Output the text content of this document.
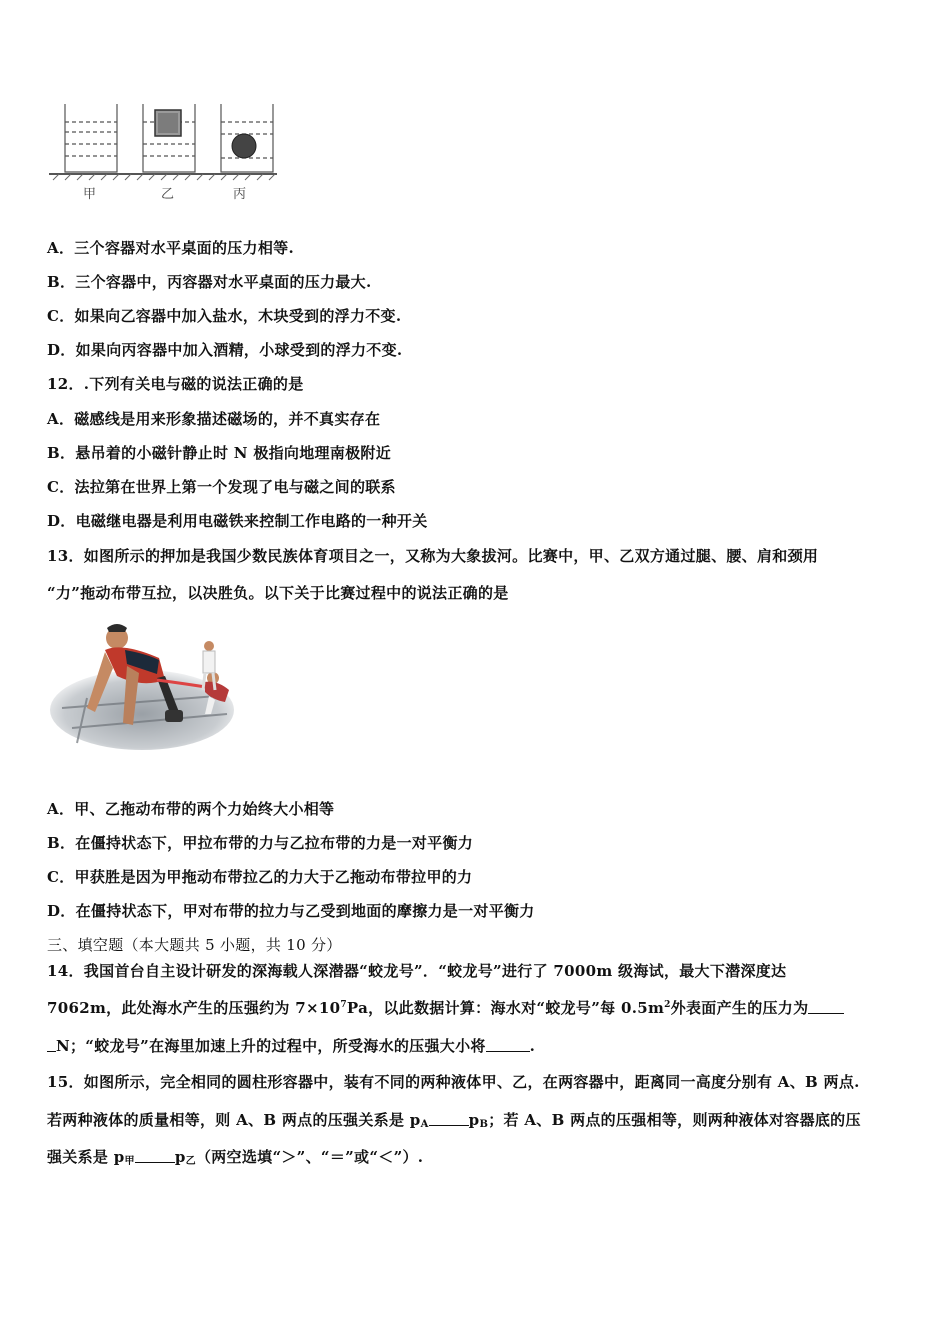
甲	乙	丙
A．三个容器对水平桌面的压力相等.
B．三个容器中，丙容器对水平桌面的压力最大.
C．如果向乙容器中加入盐水，木块受到的浮力不变.
D．如果向丙容器中加入酒精，小球受到的浮力不变.
12．.下列有关电与磁的说法正确的是
A．磁感线是用来形象描述磁场的，并不真实存在
B．悬吊着的小磁针静止时 N 极指向地理南极附近
C．法拉第在世界上第一个发现了电与磁之间的联系
D．电磁继电器是利用电磁铁来控制工作电路的一种开关
13．如图所示的押加是我国少数民族体育项目之一，又称为大象拔河。比赛中，甲、乙双方通过腿、腰、肩和颈用
“力”拖动布带互拉，以决胜负。以下关于比赛过程中的说法正确的是
A．甲、乙拖动布带的两个力始终大小相等
B．在僵持状态下，甲拉布带的力与乙拉布带的力是一对平衡力
C．甲获胜是因为甲拖动布带拉乙的力大于乙拖动布带拉甲的力
D．在僵持状态下，甲对布带的拉力与乙受到地面的摩擦力是一对平衡力
三、填空题（本大题共 5 小题，共 10 分）
14．我国首台自主设计研发的深海载人深潜器“蛟龙号”．“蛟龙号”进行了 7000m 级海试，最大下潜深度达
7062m，此处海水产生的压强约为 $7\times 10^7Pa$，以此数据计算：海水对“蛟龙号”每 $0.5m^2$外表面产生的压力为
N；“蛟龙号”在海里加速上升的过程中，所受海水的压强大小将	.
15．如图所示，完全相同的圆柱形容器中，装有不同的两种液体甲、乙，在两容器中，距离同一高度分别有 A、B 两点.
若两种液体的质量相等，则 A、B 两点的压强关系是 $p_A$	$p_B$；若 A、B 两点的压强相等，则两种液体对容器底的压
强关系是 $p_甲$	$p_乙$（两空选填“＞”、“＝”或“＜”）.
